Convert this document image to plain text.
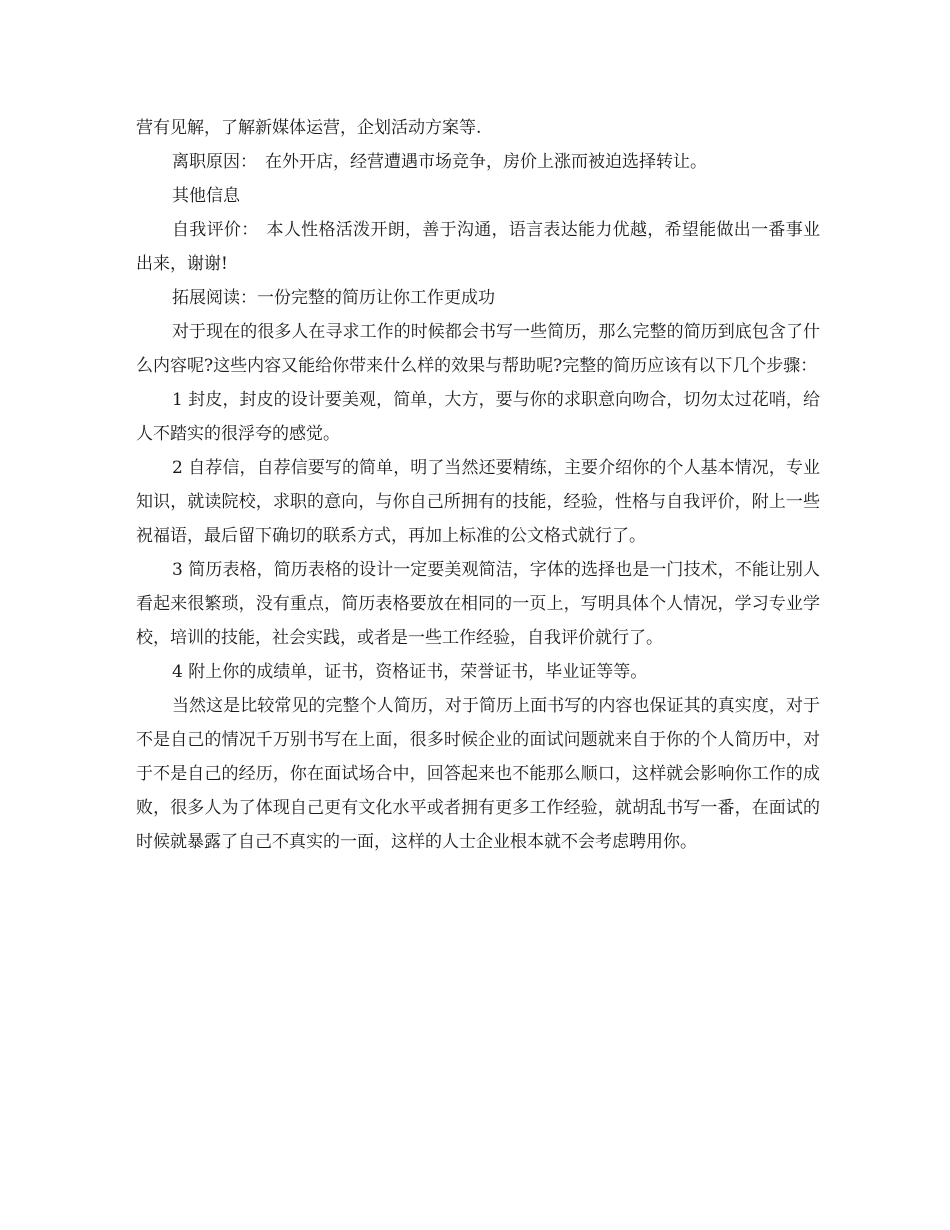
营有见解，了解新媒体运营，企划活动方案等.

离职原因： 在外开店，经营遭遇市场竞争，房价上涨而被迫选择转让。

其他信息

自我评价： 本人性格活泼开朗，善于沟通，语言表达能力优越，希望能做出一番事业出来，谢谢!

拓展阅读：一份完整的简历让你工作更成功

对于现在的很多人在寻求工作的时候都会书写一些简历，那么完整的简历到底包含了什么内容呢?这些内容又能给你带来什么样的效果与帮助呢?完整的简历应该有以下几个步骤：

1 封皮，封皮的设计要美观，简单，大方，要与你的求职意向吻合，切勿太过花哨，给人不踏实的很浮夸的感觉。

2 自荐信，自荐信要写的简单，明了当然还要精练，主要介绍你的个人基本情况，专业知识，就读院校，求职的意向，与你自己所拥有的技能，经验，性格与自我评价，附上一些祝福语，最后留下确切的联系方式，再加上标准的公文格式就行了。

3 简历表格，简历表格的设计一定要美观简洁，字体的选择也是一门技术，不能让别人看起来很繁琐，没有重点，简历表格要放在相同的一页上，写明具体个人情况，学习专业学校，培训的技能，社会实践，或者是一些工作经验，自我评价就行了。

4 附上你的成绩单，证书，资格证书，荣誉证书，毕业证等等。

当然这是比较常见的完整个人简历，对于简历上面书写的内容也保证其的真实度，对于不是自己的情况千万别书写在上面，很多时候企业的面试问题就来自于你的个人简历中，对于不是自己的经历，你在面试场合中，回答起来也不能那么顺口，这样就会影响你工作的成败，很多人为了体现自己更有文化水平或者拥有更多工作经验，就胡乱书写一番，在面试的时候就暴露了自己不真实的一面，这样的人士企业根本就不会考虑聘用你。
